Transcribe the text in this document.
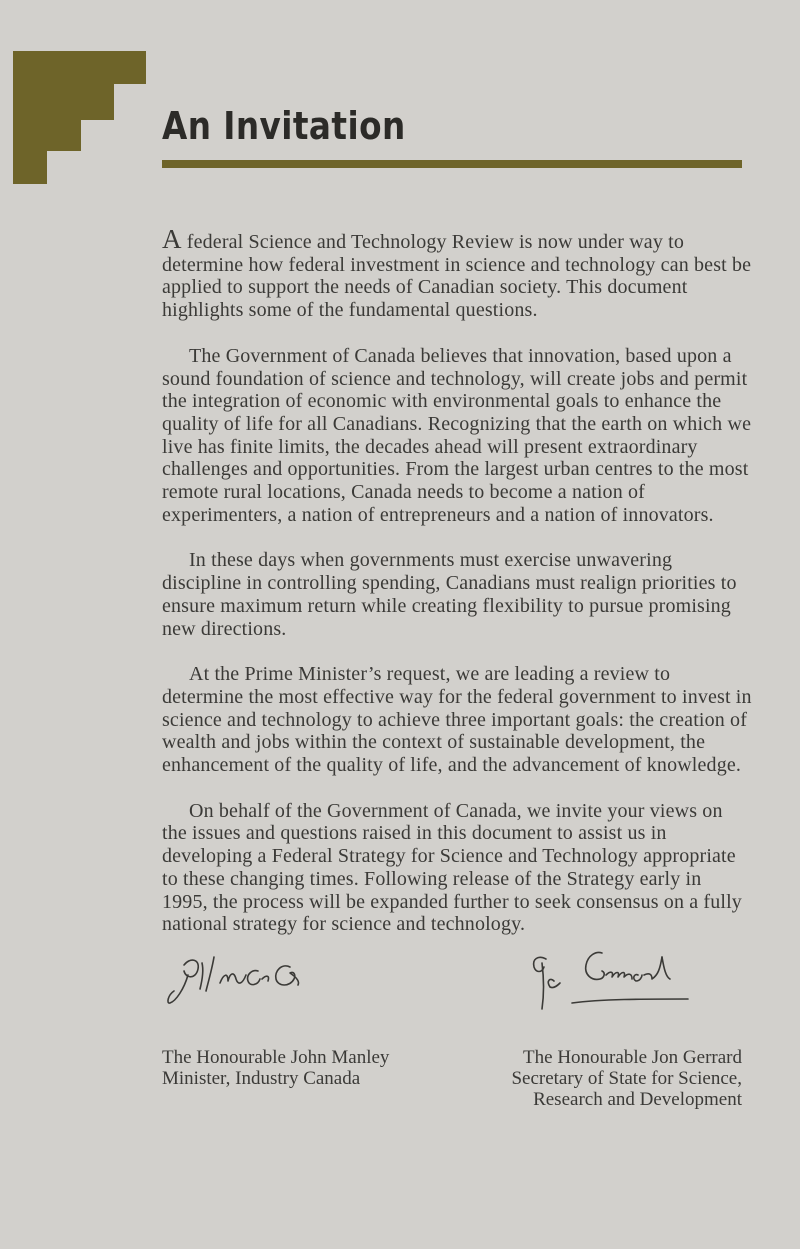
An Invitation

A federal Science and Technology Review is now under way to determine how federal investment in science and technology can best be applied to support the needs of Canadian society. This document highlights some of the fundamental questions.

The Government of Canada believes that innovation, based upon a sound foundation of science and technology, will create jobs and permit the integration of economic with environmental goals to enhance the quality of life for all Canadians. Recognizing that the earth on which we live has finite limits, the decades ahead will present extraordinary challenges and opportunities. From the largest urban centres to the most remote rural locations, Canada needs to become a nation of experimenters, a nation of entrepreneurs and a nation of innovators.

In these days when governments must exercise unwavering discipline in controlling spending, Canadians must realign priorities to ensure maximum return while creating flexibility to pursue promising new directions.

At the Prime Minister’s request, we are leading a review to determine the most effective way for the federal government to invest in science and technology to achieve three important goals: the creation of wealth and jobs within the context of sustainable development, the enhancement of the quality of life, and the advancement of knowledge.

On behalf of the Government of Canada, we invite your views on the issues and questions raised in this document to assist us in developing a Federal Strategy for Science and Technology appropriate to these changing times. Following release of the Strategy early in 1995, the process will be expanded further to seek consensus on a fully national strategy for science and technology.

The Honourable John Manley
Minister, Industry Canada
The Honourable Jon Gerrard
Secretary of State for Science,
Research and Development
